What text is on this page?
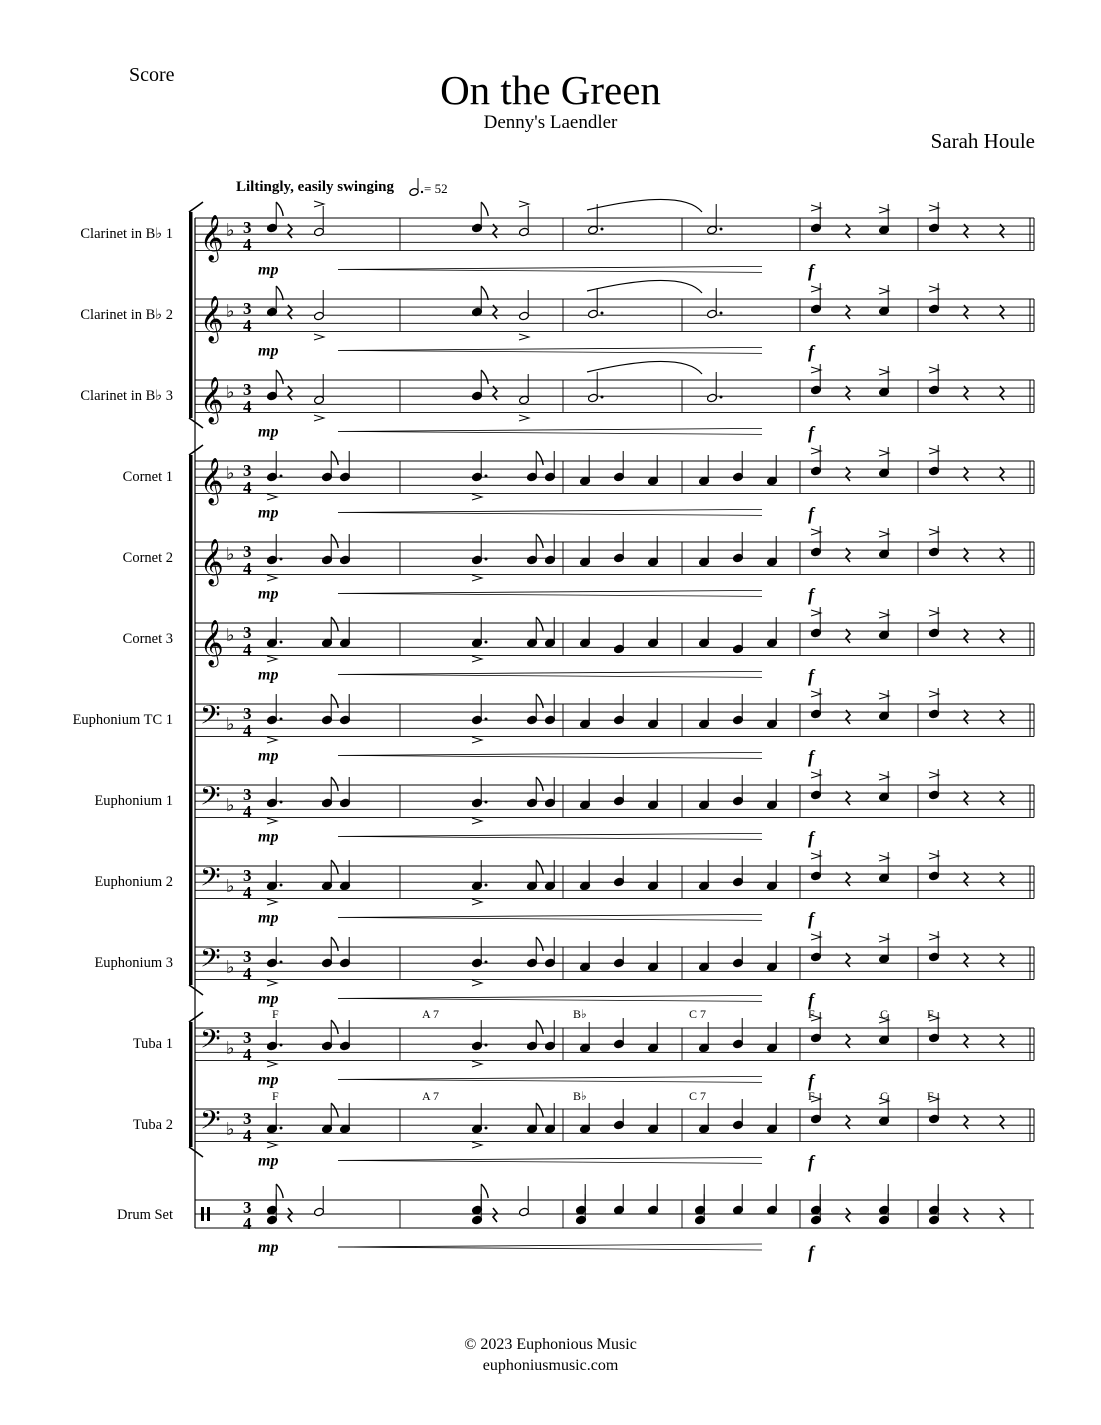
Score	On the Green
Denny's Laendler
Sarah Houle
Liltingly, easily swinging = 52
Clarinet in B♭ 1 𝄞 ♭ 3
4
mp	f
Clarinet in B♭ 2 𝄞 ♭ 3
4
mp	f
Clarinet in B♭ 3 𝄞 ♭ 3
4
mp	f
Cornet 1 𝄞 ♭ 3
4
mp	f
Cornet 2 𝄞 ♭ 3
4
mp	f
Cornet 3 𝄞 ♭ 3
4
mp	f
Euphonium TC 1 𝄢 ♭
3
4
mp	f
Euphonium 1 𝄢 ♭
3
4
mp	f
Euphonium 2 𝄢 ♭
3
4
mp	f
Euphonium 3 𝄢 ♭
3
4
mp	f
Tuba 1 𝄢 ♭
3
4
mp	f
Tuba 2 𝄢 ♭
3
4
mp	f
Drum Set	3
4
mp	f
F	A 7	B♭	C 7	F	C	F
F	A 7	B♭	C 7	F	C	F
© 2023 Euphonious Music
euphoniusmusic.com
